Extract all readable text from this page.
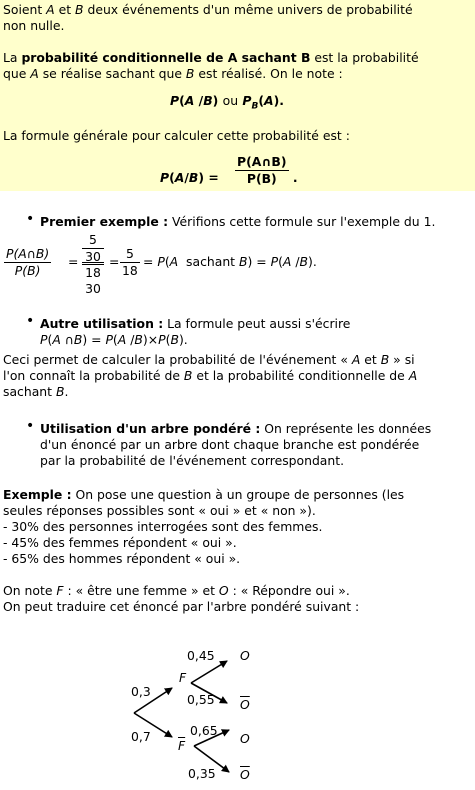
Soient A et B deux événements d'un même univers de probabilité
non nulle.
La probabilité conditionnelle de A sachant B est la probabilité
que A se réalise sachant que B est réalisé. On le note :
P(A /B) ou $P_B(A)$.
La formule générale pour calculer cette probabilité est :
$P(A/B) = \frac{P(A\cap B)}{P(B)}$ .
• Premier exemple : Vérifions cette formule sur l'exemple du 1.
$\frac{P(A\cap B)}{P(B)}$ =
5
30
18
30
= $\frac{5}{18} = P(A$  sachant B) = P(A /B).
• Autre utilisation : La formule peut aussi s'écrire
P(A ∩B) = P(A /B)×P(B).
Ceci permet de calculer la probabilité de l'événement « A et B » si
l'on connaît la probabilité de B et la probabilité conditionnelle de A
sachant B.
• Utilisation d'un arbre pondéré : On représente les données
d'un énoncé par un arbre dont chaque branche est pondérée
par la probabilité de l'événement correspondant.
Exemple : On pose une question à un groupe de personnes (les
seules réponses possibles sont « oui » et « non »).
- 30% des personnes interrogées sont des femmes.
- 45% des femmes répondent « oui ».
- 65% des hommes répondent « oui ».
On note F : « être une femme » et O : « Répondre oui ».
On peut traduire cet énoncé par l'arbre pondéré suivant :
0,3
0,7
0,45
0,55
0,65
0,35
F
$\overline{F}$
O
$\overline{O}$
O
$\overline{O}$
